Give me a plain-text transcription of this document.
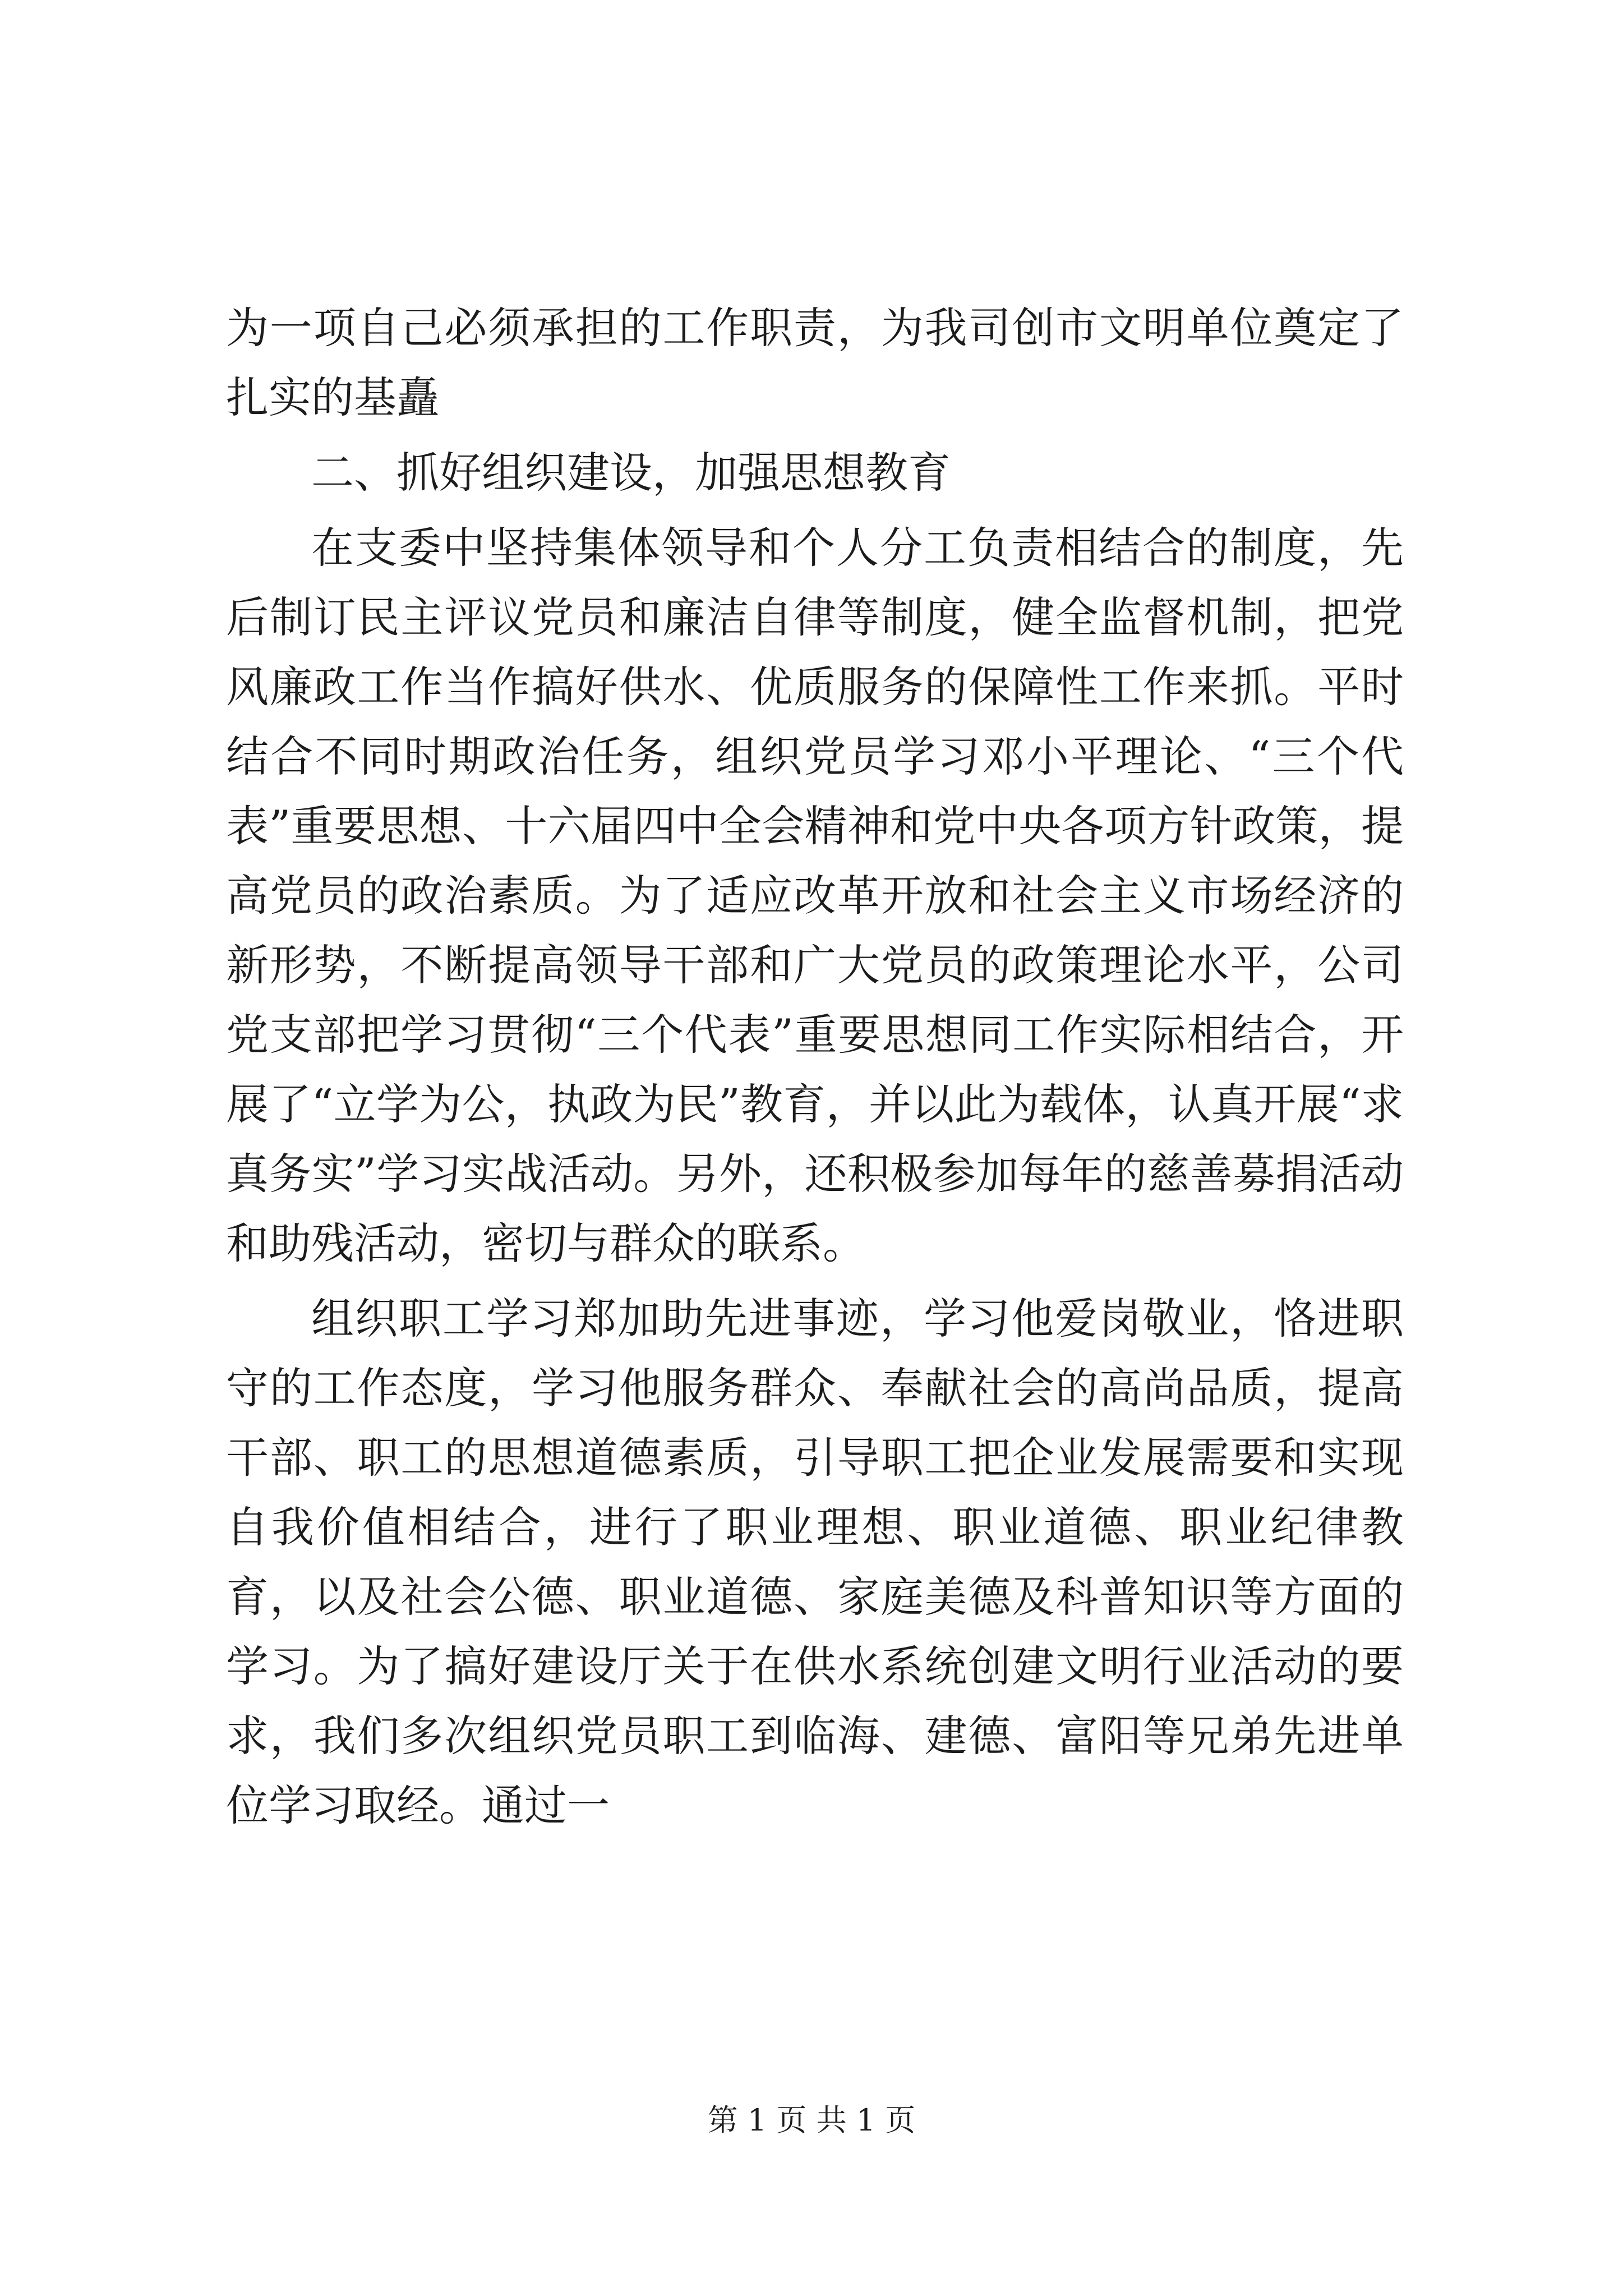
为一项自己必须承担的工作职责，为我司创市文明单位奠定了扎实的基矗

二、抓好组织建设，加强思想教育

在支委中坚持集体领导和个人分工负责相结合的制度，先后制订民主评议党员和廉洁自律等制度，健全监督机制，把党风廉政工作当作搞好供水、优质服务的保障性工作来抓。平时结合不同时期政治任务，组织党员学习邓小平理论、“三个代表”重要思想、十六届四中全会精神和党中央各项方针政策，提高党员的政治素质。为了适应改革开放和社会主义市场经济的新形势，不断提高领导干部和广大党员的政策理论水平，公司党支部把学习贯彻“三个代表”重要思想同工作实际相结合，开展了“立学为公，执政为民”教育，并以此为载体，认真开展“求真务实”学习实战活动。另外，还积极参加每年的慈善募捐活动和助残活动，密切与群众的联系。

组织职工学习郑加助先进事迹，学习他爱岗敬业，恪进职守的工作态度，学习他服务群众、奉献社会的高尚品质，提高干部、职工的思想道德素质，引导职工把企业发展需要和实现自我价值相结合，进行了职业理想、职业道德、职业纪律教育，以及社会公德、职业道德、家庭美德及科普知识等方面的学习。为了搞好建设厅关于在供水系统创建文明行业活动的要求，我们多次组织党员职工到临海、建德、富阳等兄弟先进单位学习取经。通过一

第 1 页 共 1 页
